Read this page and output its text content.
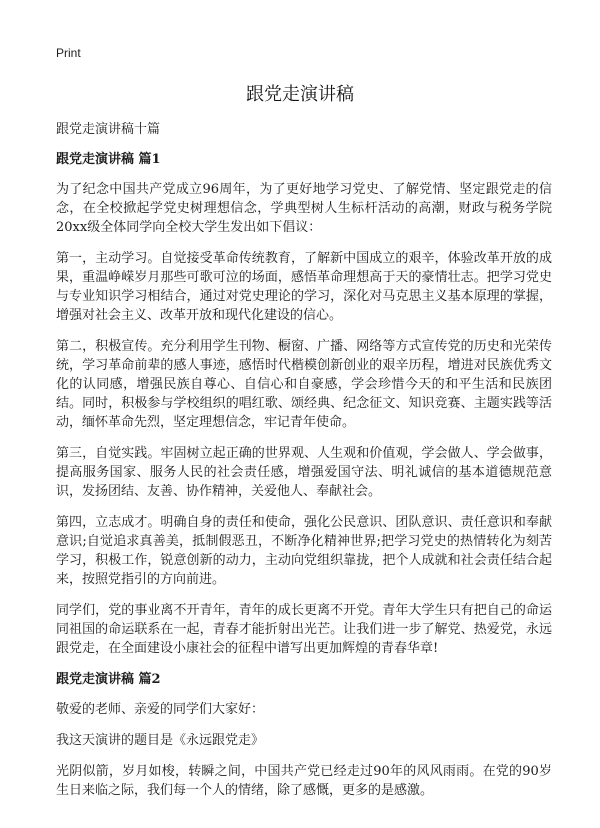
Print
跟党走演讲稿

跟党走演讲稿十篇

跟党走演讲稿 篇1

为了纪念中国共产党成立96周年，为了更好地学习党史、了解党情、坚定跟党走的信念，在全校掀起学党史树理想信念，学典型树人生标杆活动的高潮，财政与税务学院20xx级全体同学向全校大学生发出如下倡议：

第一，主动学习。自觉接受革命传统教育，了解新中国成立的艰辛，体验改革开放的成果，重温峥嵘岁月那些可歌可泣的场面，感悟革命理想高于天的豪情壮志。把学习党史与专业知识学习相结合，通过对党史理论的学习，深化对马克思主义基本原理的掌握，增强对社会主义、改革开放和现代化建设的信心。

第二，积极宣传。充分利用学生刊物、橱窗、广播、网络等方式宣传党的历史和光荣传统，学习革命前辈的感人事迹，感悟时代楷模创新创业的艰辛历程，增进对民族优秀文化的认同感，增强民族自尊心、自信心和自豪感，学会珍惜今天的和平生活和民族团结。同时，积极参与学校组织的唱红歌、颂经典、纪念征文、知识竞赛、主题实践等活动，缅怀革命先烈，坚定理想信念，牢记青年使命。

第三，自觉实践。牢固树立起正确的世界观、人生观和价值观，学会做人、学会做事，提高服务国家、服务人民的社会责任感，增强爱国守法、明礼诚信的基本道德规范意识，发扬团结、友善、协作精神，关爱他人、奉献社会。

第四，立志成才。明确自身的责任和使命，强化公民意识、团队意识、责任意识和奉献意识;自觉追求真善美，抵制假恶丑，不断净化精神世界;把学习党史的热情转化为刻苦学习，积极工作，锐意创新的动力，主动向党组织靠拢，把个人成就和社会责任结合起来，按照党指引的方向前进。

同学们，党的事业离不开青年，青年的成长更离不开党。青年大学生只有把自己的命运同祖国的命运联系在一起，青春才能折射出光芒。让我们进一步了解党、热爱党，永远跟党走，在全面建设小康社会的征程中谱写出更加辉煌的青春华章!

跟党走演讲稿 篇2

敬爱的老师、亲爱的同学们大家好：

我这天演讲的题目是《永远跟党走》

光阴似箭，岁月如梭，转瞬之间，中国共产党已经走过90年的风风雨雨。在党的90岁生日来临之际，我们每一个人的情绪，除了感慨，更多的是感激。
